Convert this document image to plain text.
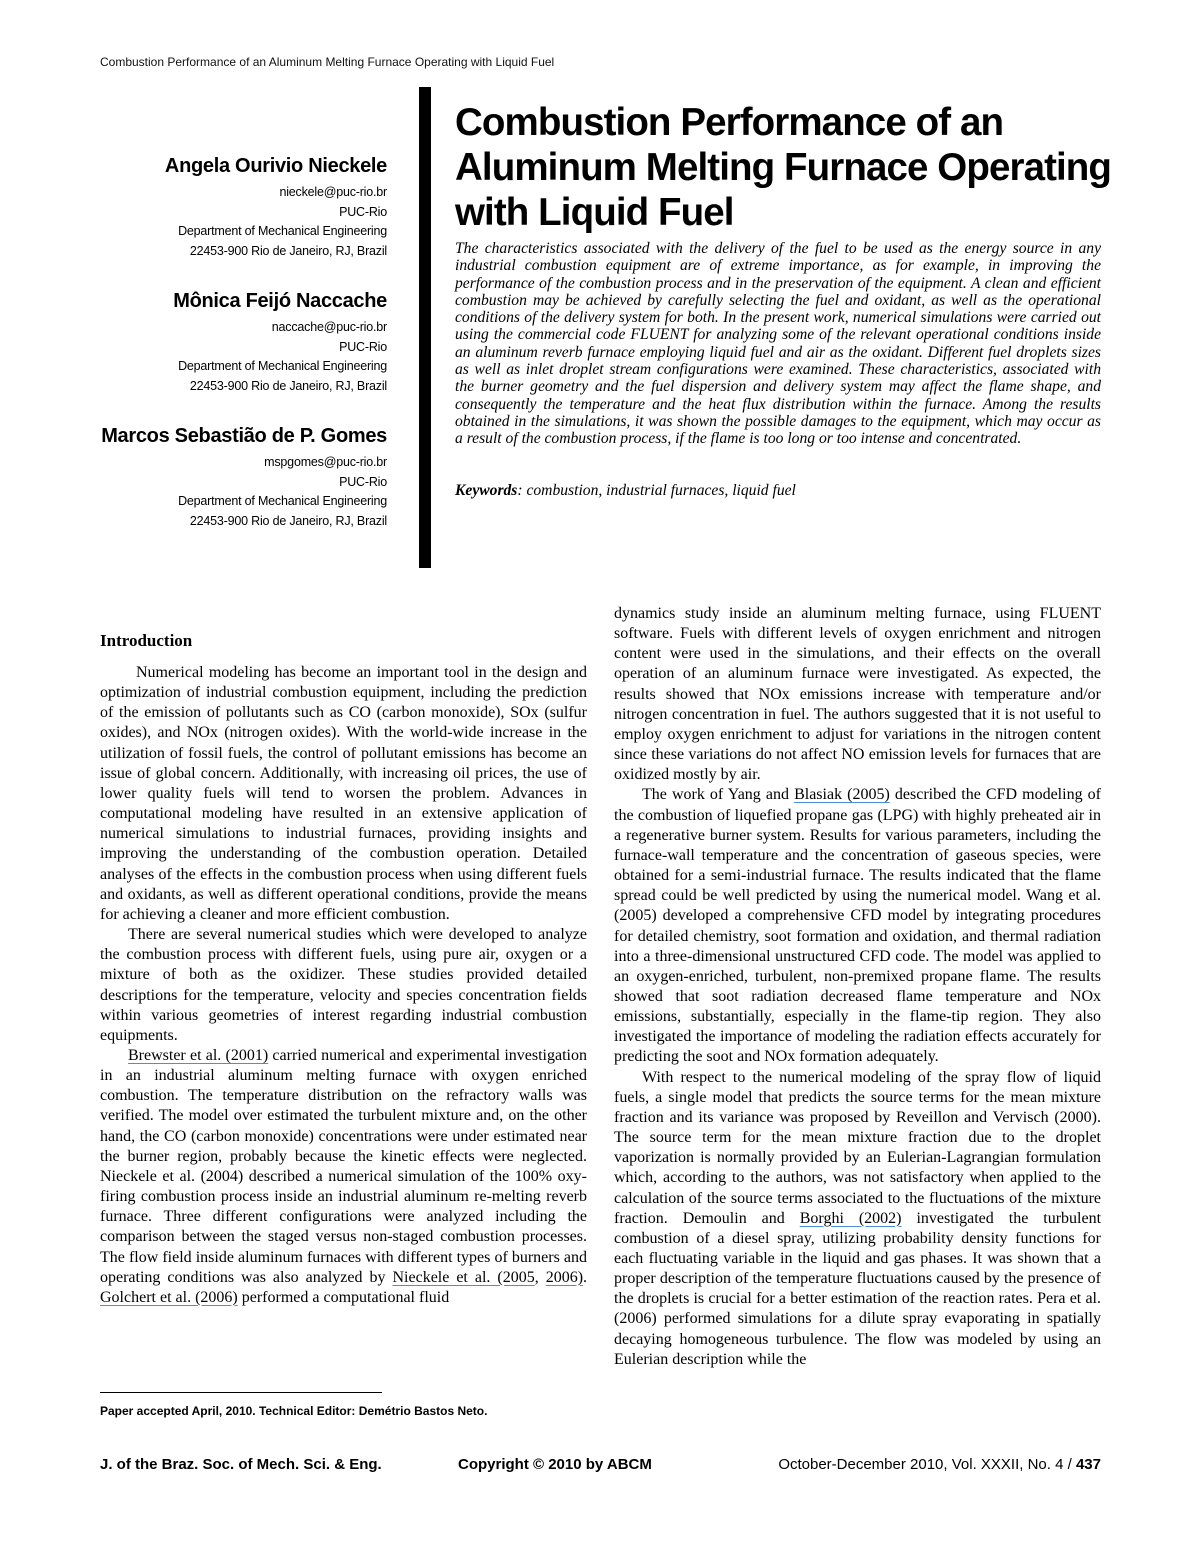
Combustion Performance of an Aluminum Melting Furnace Operating with Liquid Fuel
Angela Ourivio Nieckele
nieckele@puc-rio.br
PUC-Rio
Department of Mechanical Engineering
22453-900 Rio de Janeiro, RJ, Brazil
Mônica Feijó Naccache
naccache@puc-rio.br
PUC-Rio
Department of Mechanical Engineering
22453-900 Rio de Janeiro, RJ, Brazil
Marcos Sebastião de P. Gomes
mspgomes@puc-rio.br
PUC-Rio
Department of Mechanical Engineering
22453-900 Rio de Janeiro, RJ, Brazil
Combustion Performance of an Aluminum Melting Furnace Operating with Liquid Fuel

The characteristics associated with the delivery of the fuel to be used as the energy source in any industrial combustion equipment are of extreme importance, as for example, in improving the performance of the combustion process and in the preservation of the equipment. A clean and efficient combustion may be achieved by carefully selecting the fuel and oxidant, as well as the operational conditions of the delivery system for both. In the present work, numerical simulations were carried out using the commercial code FLUENT for analyzing some of the relevant operational conditions inside an aluminum reverb furnace employing liquid fuel and air as the oxidant. Different fuel droplets sizes as well as inlet droplet stream configurations were examined. These characteristics, associated with the burner geometry and the fuel dispersion and delivery system may affect the flame shape, and consequently the temperature and the heat flux distribution within the furnace. Among the results obtained in the simulations, it was shown the possible damages to the equipment, which may occur as a result of the combustion process, if the flame is too long or too intense and concentrated.

Keywords: combustion, industrial furnaces, liquid fuel

Introduction

Numerical modeling has become an important tool in the design and optimization of industrial combustion equipment, including the prediction of the emission of pollutants such as CO (carbon monoxide), SOx (sulfur oxides), and NOx (nitrogen oxides). With the world-wide increase in the utilization of fossil fuels, the control of pollutant emissions has become an issue of global concern. Additionally, with increasing oil prices, the use of lower quality fuels will tend to worsen the problem. Advances in computational modeling have resulted in an extensive application of numerical simulations to industrial furnaces, providing insights and improving the understanding of the combustion operation. Detailed analyses of the effects in the combustion process when using different fuels and oxidants, as well as different operational conditions, provide the means for achieving a cleaner and more efficient combustion.

There are several numerical studies which were developed to analyze the combustion process with different fuels, using pure air, oxygen or a mixture of both as the oxidizer. These studies provided detailed descriptions for the temperature, velocity and species concentration fields within various geometries of interest regarding industrial combustion equipments.

Brewster et al. (2001) carried numerical and experimental investigation in an industrial aluminum melting furnace with oxygen enriched combustion. The temperature distribution on the refractory walls was verified. The model over estimated the turbulent mixture and, on the other hand, the CO (carbon monoxide) concentrations were under estimated near the burner region, probably because the kinetic effects were neglected. Nieckele et al. (2004) described a numerical simulation of the 100% oxy-firing combustion process inside an industrial aluminum re-melting reverb furnace. Three different configurations were analyzed including the comparison between the staged versus non-staged combustion processes. The flow field inside aluminum furnaces with different types of burners and operating conditions was also analyzed by Nieckele et al. (2005, 2006). Golchert et al. (2006) performed a computational fluid

dynamics study inside an aluminum melting furnace, using FLUENT software. Fuels with different levels of oxygen enrichment and nitrogen content were used in the simulations, and their effects on the overall operation of an aluminum furnace were investigated. As expected, the results showed that NOx emissions increase with temperature and/or nitrogen concentration in fuel. The authors suggested that it is not useful to employ oxygen enrichment to adjust for variations in the nitrogen content since these variations do not affect NO emission levels for furnaces that are oxidized mostly by air.

The work of Yang and Blasiak (2005) described the CFD modeling of the combustion of liquefied propane gas (LPG) with highly preheated air in a regenerative burner system. Results for various parameters, including the furnace-wall temperature and the concentration of gaseous species, were obtained for a semi-industrial furnace. The results indicated that the flame spread could be well predicted by using the numerical model. Wang et al. (2005) developed a comprehensive CFD model by integrating procedures for detailed chemistry, soot formation and oxidation, and thermal radiation into a three-dimensional unstructured CFD code. The model was applied to an oxygen-enriched, turbulent, non-premixed propane flame. The results showed that soot radiation decreased flame temperature and NOx emissions, substantially, especially in the flame-tip region. They also investigated the importance of modeling the radiation effects accurately for predicting the soot and NOx formation adequately.

With respect to the numerical modeling of the spray flow of liquid fuels, a single model that predicts the source terms for the mean mixture fraction and its variance was proposed by Reveillon and Vervisch (2000). The source term for the mean mixture fraction due to the droplet vaporization is normally provided by an Eulerian-Lagrangian formulation which, according to the authors, was not satisfactory when applied to the calculation of the source terms associated to the fluctuations of the mixture fraction. Demoulin and Borghi (2002) investigated the turbulent combustion of a diesel spray, utilizing probability density functions for each fluctuating variable in the liquid and gas phases. It was shown that a proper description of the temperature fluctuations caused by the presence of the droplets is crucial for a better estimation of the reaction rates. Pera et al. (2006) performed simulations for a dilute spray evaporating in spatially decaying homogeneous turbulence. The flow was modeled by using an Eulerian description while the

Paper accepted April, 2010. Technical Editor: Demétrio Bastos Neto.
J. of the Braz. Soc. of Mech. Sci. & Eng.	Copyright © 2010 by ABCM	October-December 2010, Vol. XXXII, No. 4 / 437
